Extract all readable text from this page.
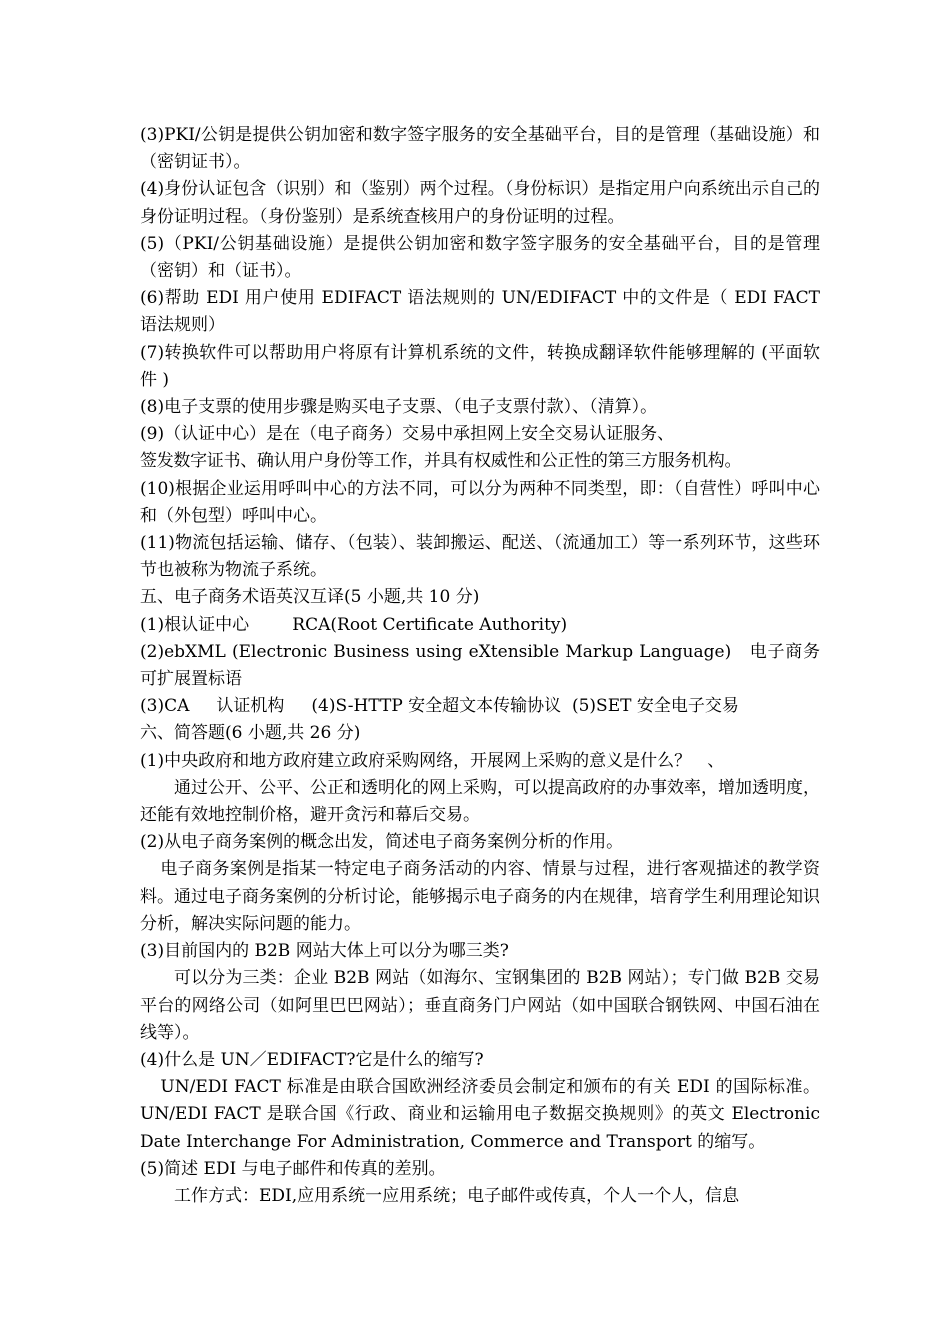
(3)PKI/公钥是提供公钥加密和数字签字服务的安全基础平台，目的是管理（基础设施）和（密钥证书）。

(4)身份认证包含（识别）和（鉴别）两个过程。（身份标识）是指定用户向系统出示自己的身份证明过程。（身份鉴别）是系统查核用户的身份证明的过程。

(5)（PKI/公钥基础设施）是提供公钥加密和数字签字服务的安全基础平台，目的是管理（密钥）和（证书）。

(6)帮助 EDI 用户使用 EDIFACT 语法规则的 UN/EDIFACT 中的文件是（ EDI FACT 语法规则）

(7)转换软件可以帮助用户将原有计算机系统的文件，转换成翻译软件能够理解的 (平面软件 )

(8)电子支票的使用步骤是购买电子支票、（电子支票付款）、（清算）。

(9)（认证中心）是在（电子商务）交易中承担网上安全交易认证服务、

签发数字证书、确认用户身份等工作，并具有权威性和公正性的第三方服务机构。

(10)根据企业运用呼叫中心的方法不同，可以分为两种不同类型，即：（自营性）呼叫中心和（外包型）呼叫中心。

(11)物流包括运输、储存、（包装）、装卸搬运、配送、（流通加工）等一系列环节，这些环节也被称为物流子系统。

五、电子商务术语英汉互译(5 小题,共 10 分)

(1)根认证中心        RCA(Root Certificate Authority)

(2)ebXML (Electronic Business using eXtensible Markup Language)   电子商务可扩展置标语

(3)CA     认证机构     (4)S-HTTP 安全超文本传输协议  (5)SET 安全电子交易

六、简答题(6 小题,共 26 分)

(1)中央政府和地方政府建立政府采购网络，开展网上采购的意义是什么？   、

通过公开、公平、公正和透明化的网上采购，可以提高政府的办事效率，增加透明度，还能有效地控制价格，避开贪污和幕后交易。

(2)从电子商务案例的概念出发，简述电子商务案例分析的作用。

电子商务案例是指某一特定电子商务活动的内容、情景与过程，进行客观描述的教学资料。通过电子商务案例的分析讨论，能够揭示电子商务的内在规律，培育学生利用理论知识分析，解决实际问题的能力。

(3)目前国内的 B2B 网站大体上可以分为哪三类?

可以分为三类：企业 B2B 网站（如海尔、宝钢集团的 B2B 网站）；专门做 B2B 交易平台的网络公司（如阿里巴巴网站）；垂直商务门户网站（如中国联合钢铁网、中国石油在线等）。

(4)什么是 UN／EDIFACT?它是什么的缩写?

UN/EDI FACT 标准是由联合国欧洲经济委员会制定和颁布的有关 EDI 的国际标准。UN/EDI FACT 是联合国《行政、商业和运输用电子数据交换规则》的英文 Electronic Date Interchange For Administration, Commerce and Transport 的缩写。

(5)简述 EDI 与电子邮件和传真的差别。

工作方式：EDI,应用系统一应用系统；电子邮件或传真，个人一个人，信息
